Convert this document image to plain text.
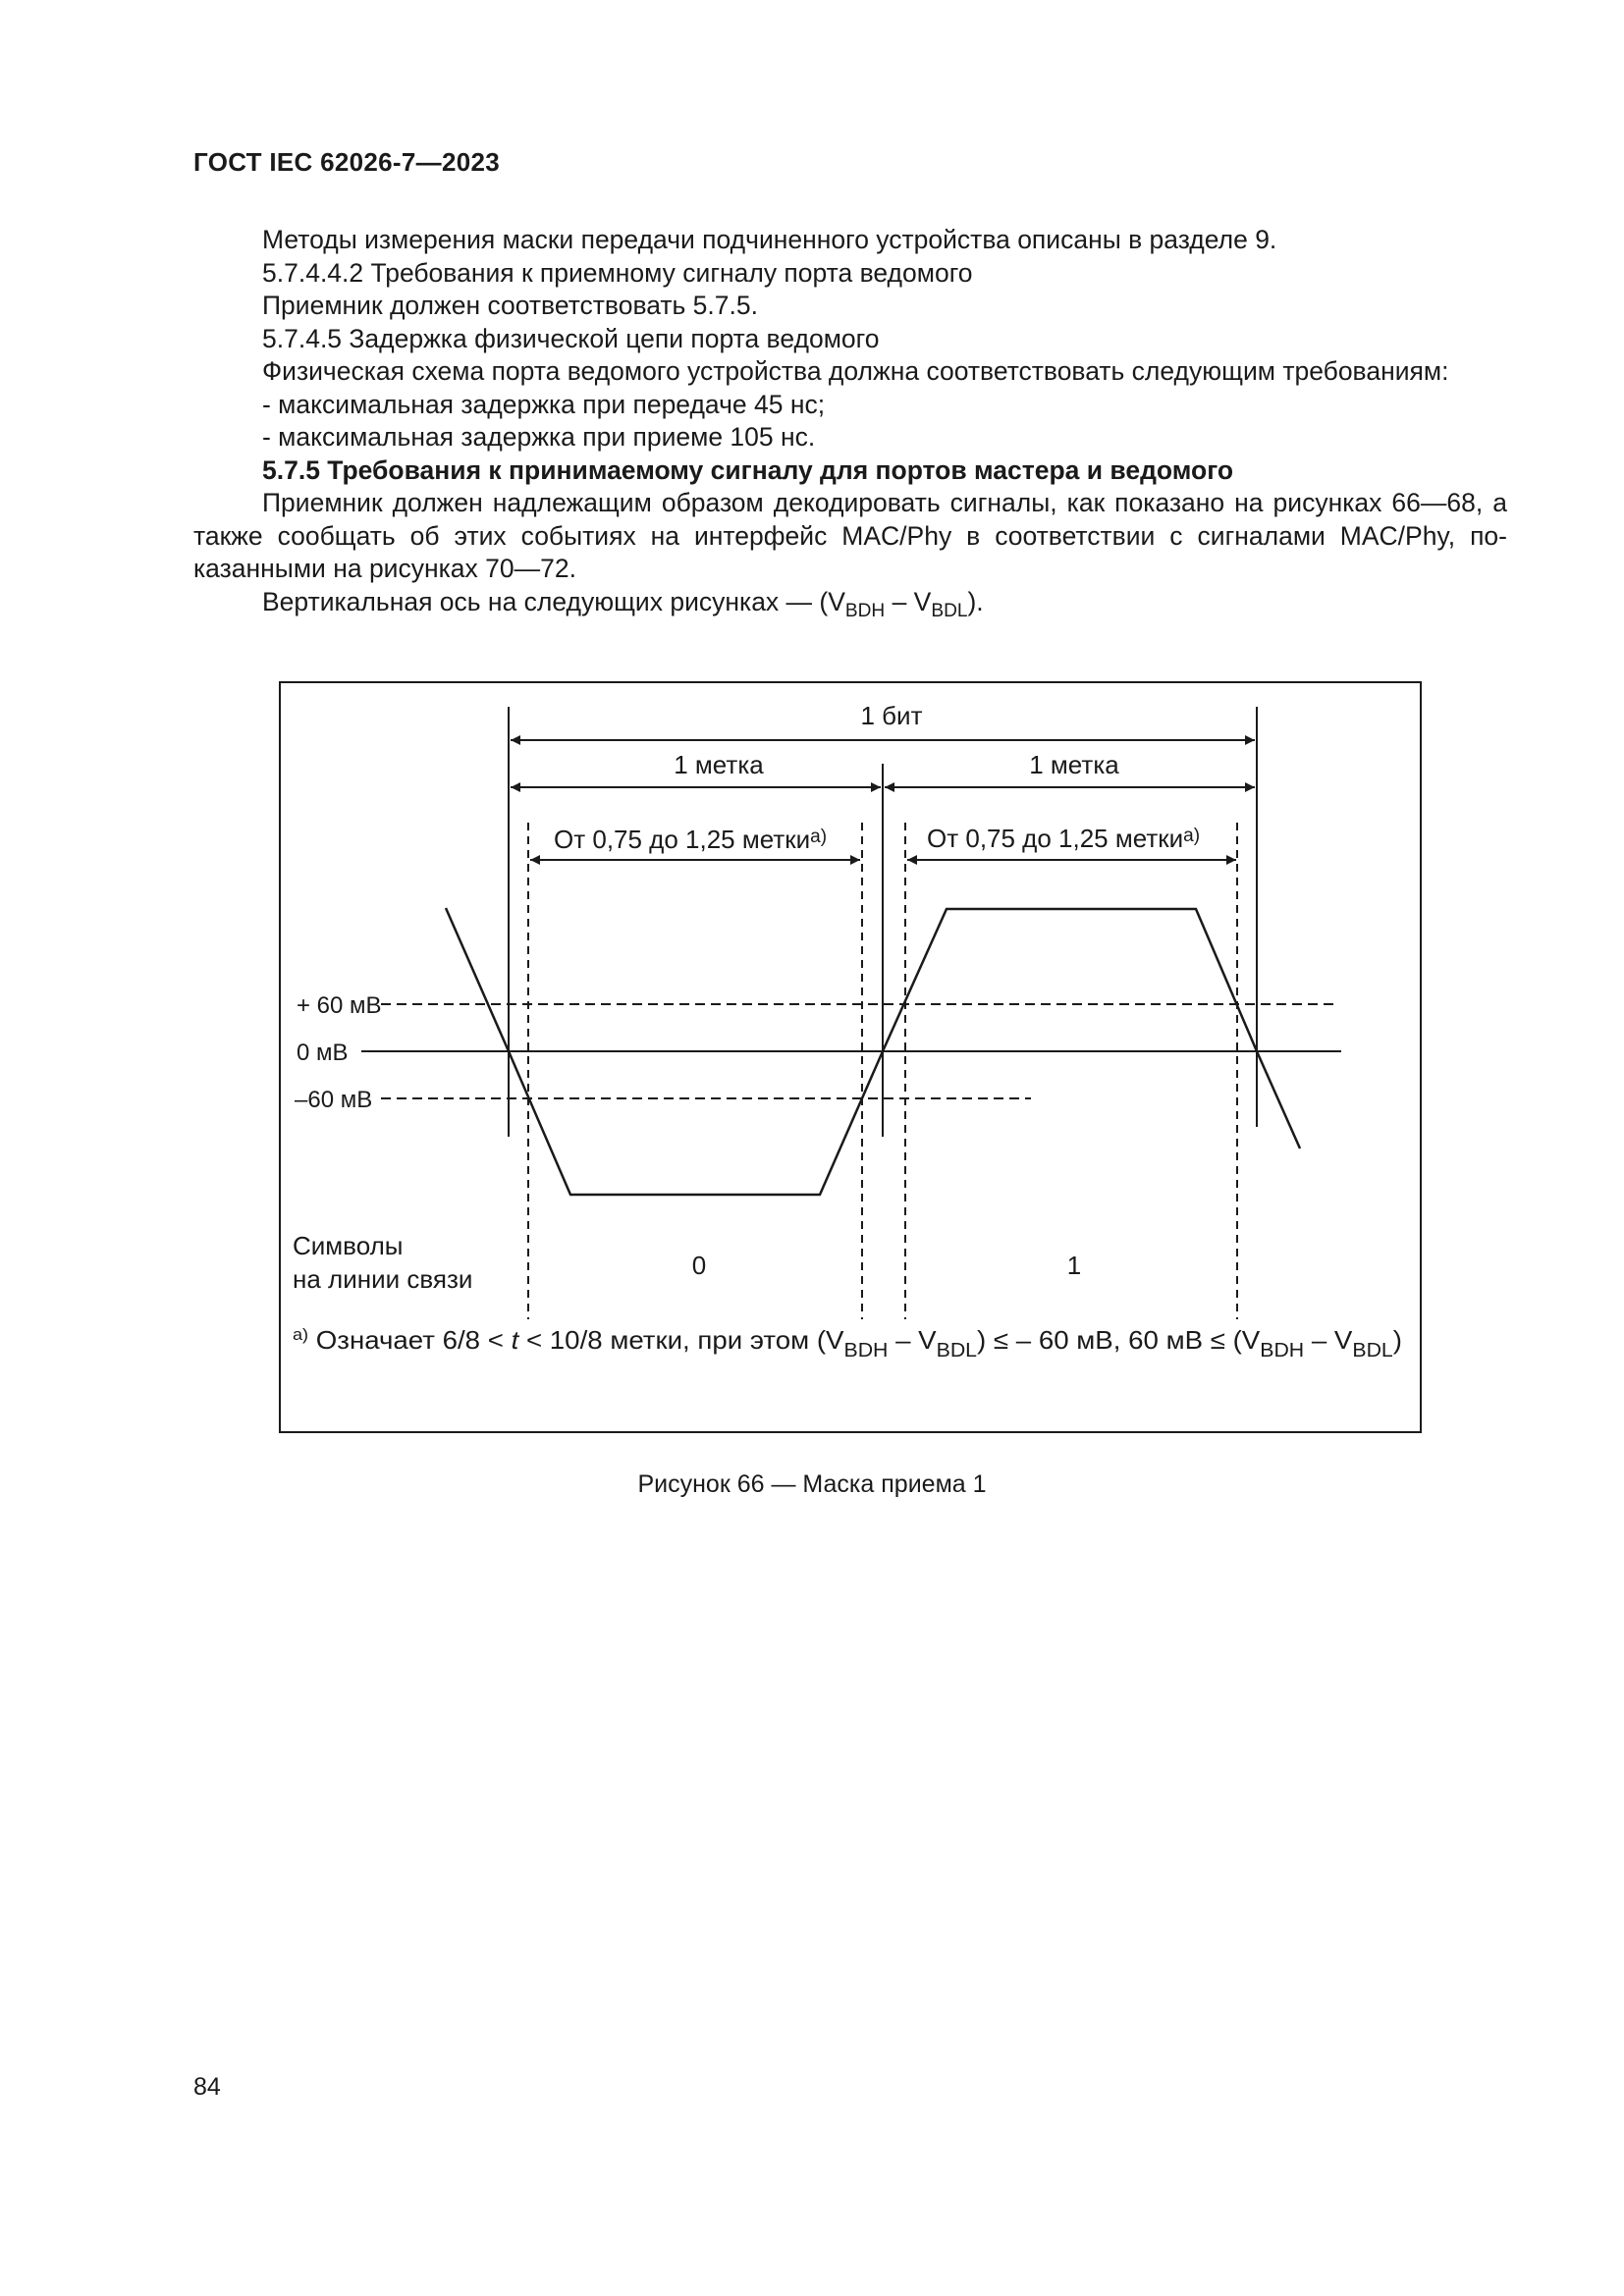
ГОСТ IEC 62026-7—2023

Методы измерения маски передачи подчиненного устройства описаны в разделе 9.

5.7.4.4.2 Требования к приемному сигналу порта ведомого

Приемник должен соответствовать 5.7.5.

5.7.4.5 Задержка физической цепи порта ведомого

Физическая схема порта ведомого устройства должна соответствовать следующим требованиям:

- максимальная задержка при передаче 45 нс;

- максимальная задержка при приеме 105 нс.

5.7.5 Требования к принимаемому сигналу для портов мастера и ведомого

Приемник должен надлежащим образом декодировать сигналы, как показано на рисунках 66—68, а также сообщать об этих событиях на интерфейс MAC/Phy в соответствии с сигналами MAC/Phy, показанными на рисунках 70—72.

Вертикальная ось на следующих рисунках — $(V_{BDH} - V_{BDL})$.

1 бит
1 метка	1 метка
От 0,75 до 1,25 метки$^{a)}$	От 0,75 до 1,25 метки$^{a)}$
+ 60 мВ
0 мВ
–60 мВ
Символы
на линии связи	0	1
$^{a)}$ Означает 6/8 < t < 10/8 метки, при этом (V $_{BDH}$ – V $_{BDL}$) ≤ – 60 мВ, 60 мВ ≤ (V $_{BDH}$ – V $_{BDL}$)
Рисунок 66 — Маска приема 1
84
